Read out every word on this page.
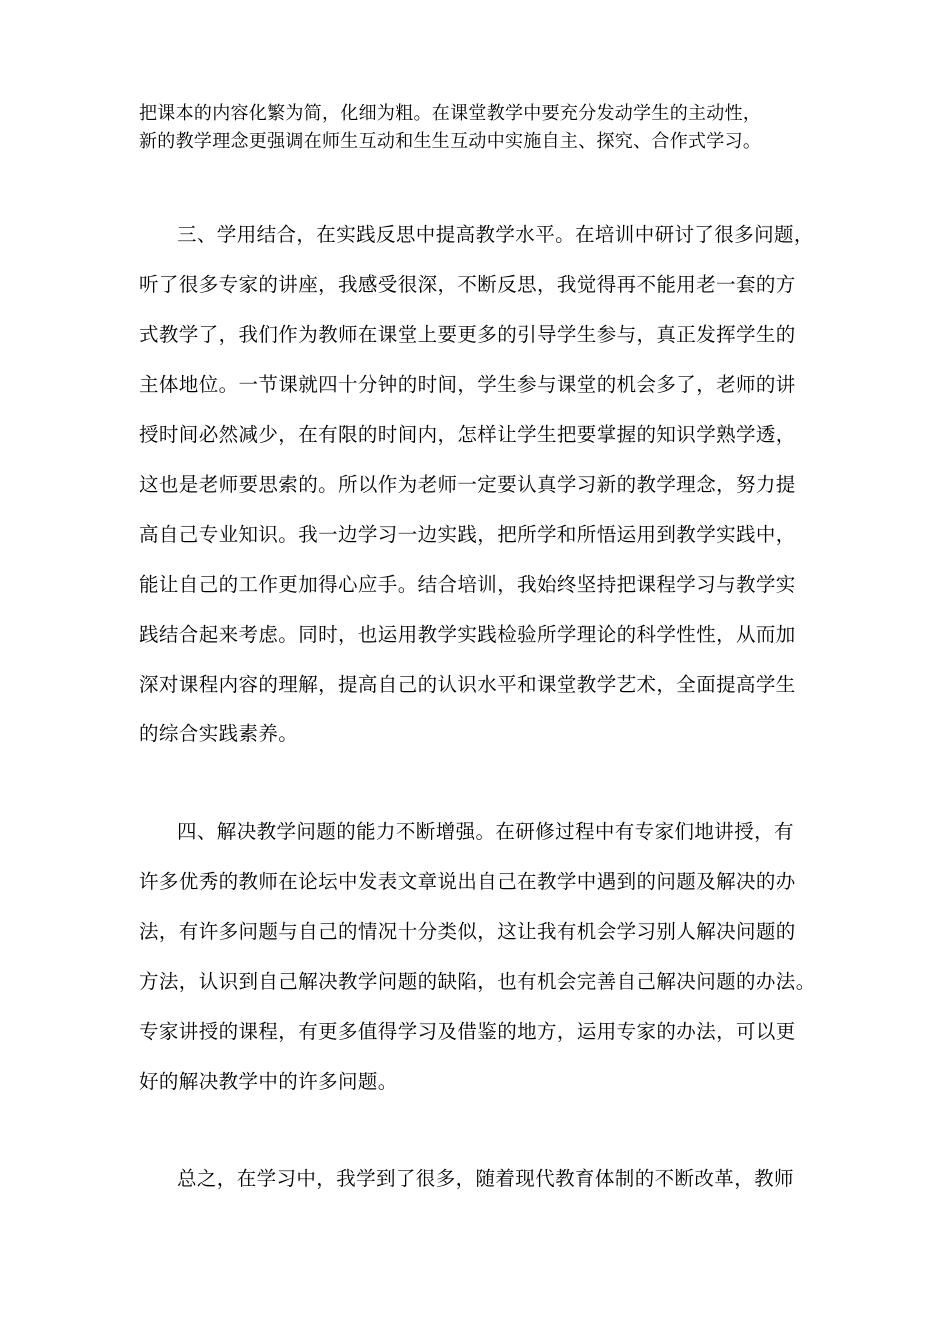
把课本的内容化繁为简，化细为粗。在课堂教学中要充分发动学生的主动性，
新的教学理念更强调在师生互动和生生互动中实施自主、探究、合作式学习。
三、学用结合，在实践反思中提高教学水平。在培训中研讨了很多问题，
听了很多专家的讲座，我感受很深，不断反思，我觉得再不能用老一套的方
式教学了，我们作为教师在课堂上要更多的引导学生参与，真正发挥学生的
主体地位。一节课就四十分钟的时间，学生参与课堂的机会多了，老师的讲
授时间必然减少，在有限的时间内，怎样让学生把要掌握的知识学熟学透，
这也是老师要思索的。所以作为老师一定要认真学习新的教学理念，努力提
高自己专业知识。我一边学习一边实践，把所学和所悟运用到教学实践中，
能让自己的工作更加得心应手。结合培训，我始终坚持把课程学习与教学实
践结合起来考虑。同时，也运用教学实践检验所学理论的科学性性，从而加
深对课程内容的理解，提高自己的认识水平和课堂教学艺术，全面提高学生
的综合实践素养。
四、解决教学问题的能力不断增强。在研修过程中有专家们地讲授，有
许多优秀的教师在论坛中发表文章说出自己在教学中遇到的问题及解决的办
法，有许多问题与自己的情况十分类似，这让我有机会学习别人解决问题的
方法，认识到自己解决教学问题的缺陷，也有机会完善自己解决问题的办法。
专家讲授的课程，有更多值得学习及借鉴的地方，运用专家的办法，可以更
好的解决教学中的许多问题。
总之，在学习中，我学到了很多，随着现代教育体制的不断改革，教师
